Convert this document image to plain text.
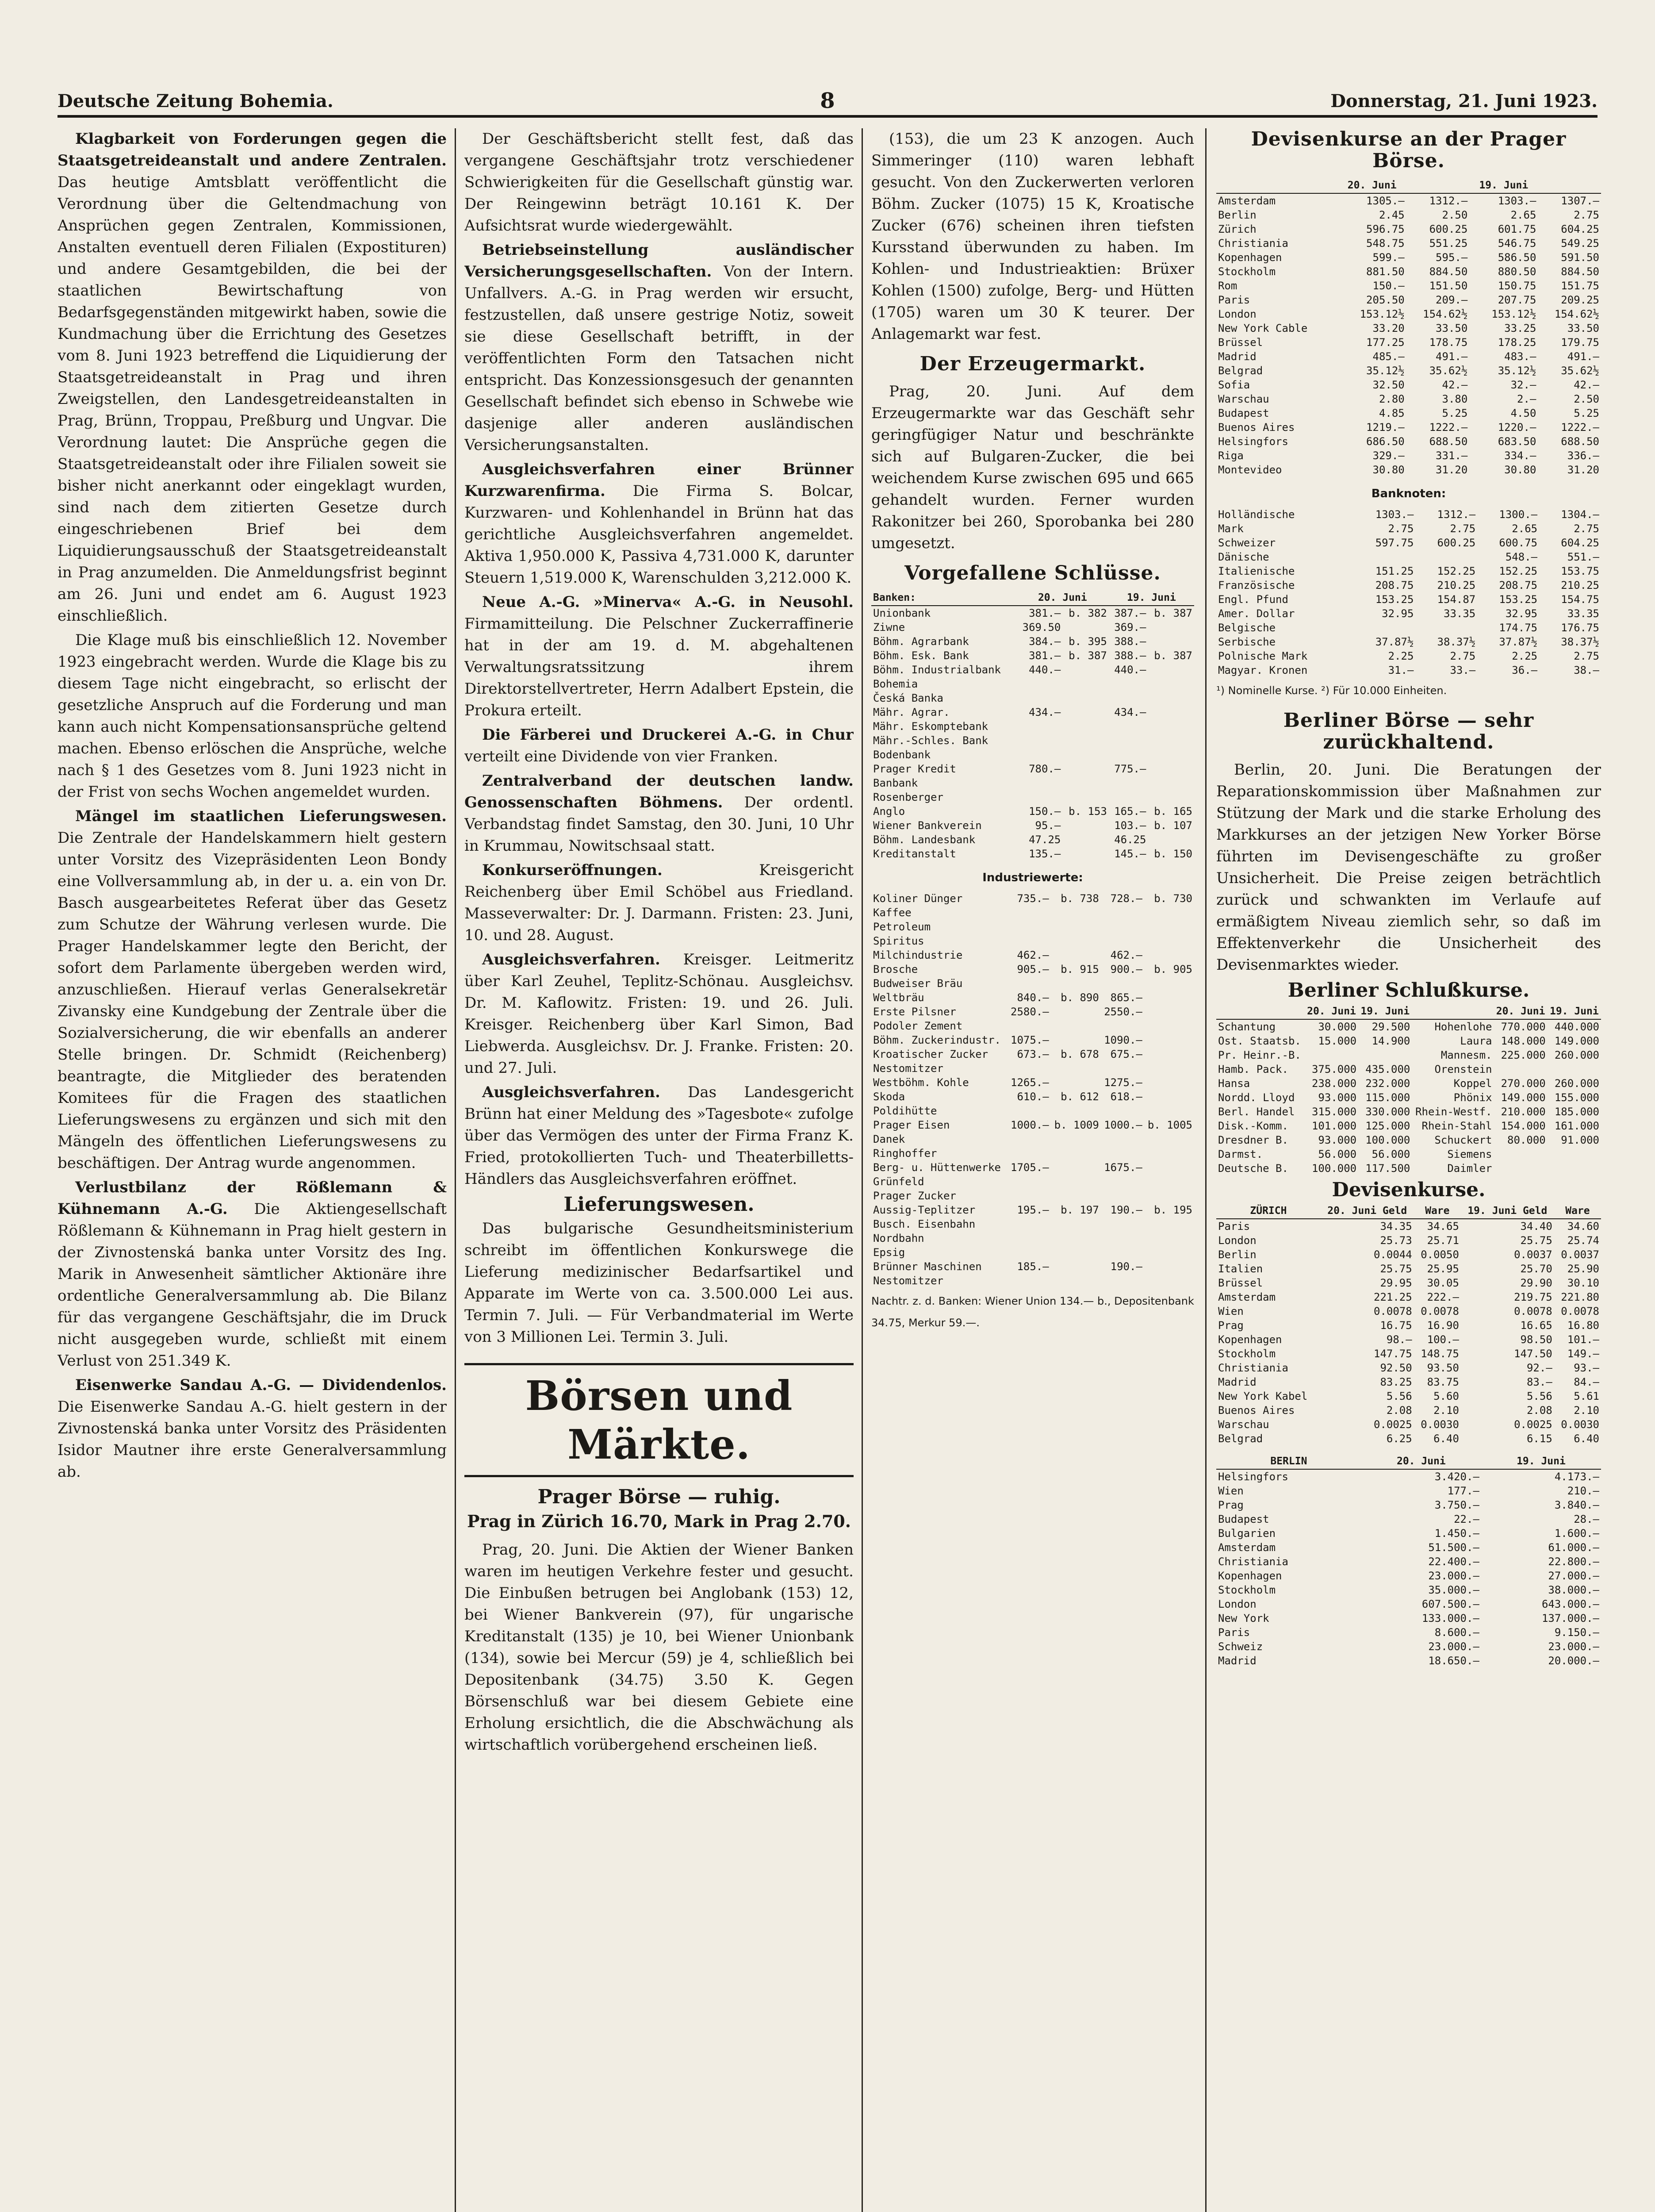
Deutsche Zeitung Bohemia.	8	Donnerstag, 21. Juni 1923.

Klagbarkeit von Forderungen gegen die Staatsgetreideanstalt und andere Zentralen. Das heutige Amtsblatt veröffentlicht die Verordnung über die Geltendmachung von Ansprüchen gegen Zentralen, Kommissionen, Anstalten eventuell deren Filialen (Expostituren) und andere Gesamtgebilden, die bei der staatlichen Bewirtschaftung von Bedarfsgegenständen mitgewirkt haben, sowie die Kundmachung über die Errichtung des Gesetzes vom 8. Juni 1923 betreffend die Liquidierung der Staatsgetreideanstalt in Prag und ihren Zweigstellen, den Landesgetreideanstalten in Prag, Brünn, Troppau, Preßburg und Ungvar. Die Verordnung lautet: Die Ansprüche gegen die Staatsgetreideanstalt oder ihre Filialen soweit sie bisher nicht anerkannt oder eingeklagt wurden, sind nach dem zitierten Gesetze durch eingeschriebenen Brief bei dem Liquidierungsausschuß der Staatsgetreideanstalt in Prag anzumelden. Die Anmeldungsfrist beginnt am 26. Juni und endet am 6. August 1923 einschließlich.

Die Klage muß bis einschließlich 12. November 1923 eingebracht werden. Wurde die Klage bis zu diesem Tage nicht eingebracht, so erlischt der gesetzliche Anspruch auf die Forderung und man kann auch nicht Kompensationsansprüche geltend machen. Ebenso erlöschen die Ansprüche, welche nach § 1 des Gesetzes vom 8. Juni 1923 nicht in der Frist von sechs Wochen angemeldet wurden.

Mängel im staatlichen Lieferungswesen. Die Zentrale der Handelskammern hielt gestern unter Vorsitz des Vizepräsidenten Leon Bondy eine Vollversammlung ab, in der u. a. ein von Dr. Basch ausgearbeitetes Referat über das Gesetz zum Schutze der Währung verlesen wurde. Die Prager Handelskammer legte den Bericht, der sofort dem Parlamente übergeben werden wird, anzuschließen. Hierauf verlas Generalsekretär Zivansky eine Kundgebung der Zentrale über die Sozialversicherung, die wir ebenfalls an anderer Stelle bringen. Dr. Schmidt (Reichenberg) beantragte, die Mitglieder des beratenden Komitees für die Fragen des staatlichen Lieferungswesens zu ergänzen und sich mit den Mängeln des öffentlichen Lieferungswesens zu beschäftigen. Der Antrag wurde angenommen.

Verlustbilanz der Rößlemann & Kühnemann A.-G. Die Aktiengesellschaft Rößlemann & Kühnemann in Prag hielt gestern in der Zivnostenská banka unter Vorsitz des Ing. Marik in Anwesenheit sämtlicher Aktionäre ihre ordentliche Generalversammlung ab. Die Bilanz für das vergangene Geschäftsjahr, die im Druck nicht ausgegeben wurde, schließt mit einem Verlust von 251.349 K.

Eisenwerke Sandau A.-G. — Dividendenlos. Die Eisenwerke Sandau A.-G. hielt gestern in der Zivnostenská banka unter Vorsitz des Präsidenten Isidor Mautner ihre erste Generalversammlung ab.

Der Geschäftsbericht stellt fest, daß das vergangene Geschäftsjahr trotz verschiedener Schwierigkeiten für die Gesellschaft günstig war. Der Reingewinn beträgt 10.161 K. Der Aufsichtsrat wurde wiedergewählt.

Betriebseinstellung ausländischer Versicherungsgesellschaften. Von der Intern. Unfallvers. A.-G. in Prag werden wir ersucht, festzustellen, daß unsere gestrige Notiz, soweit sie diese Gesellschaft betrifft, in der veröffentlichten Form den Tatsachen nicht entspricht. Das Konzessionsgesuch der genannten Gesellschaft befindet sich ebenso in Schwebe wie dasjenige aller anderen ausländischen Versicherungsanstalten.

Ausgleichsverfahren einer Brünner Kurzwarenfirma. Die Firma S. Bolcar, Kurzwaren- und Kohlenhandel in Brünn hat das gerichtliche Ausgleichsverfahren angemeldet. Aktiva 1,950.000 K, Passiva 4,731.000 K, darunter Steuern 1,519.000 K, Warenschulden 3,212.000 K.

Neue A.-G. »Minerva« A.-G. in Neusohl. Firmamitteilung. Die Pelschner Zuckerraffinerie hat in der am 19. d. M. abgehaltenen Verwaltungsratssitzung ihrem Direktorstellvertreter, Herrn Adalbert Epstein, die Prokura erteilt.

Die Färberei und Druckerei A.-G. in Chur verteilt eine Dividende von vier Franken.

Zentralverband der deutschen landw. Genossenschaften Böhmens. Der ordentl. Verbandstag findet Samstag, den 30. Juni, 10 Uhr in Krummau, Nowitschsaal statt.

Konkurseröffnungen.	Kreisgericht Reichenberg über Emil Schöbel aus Friedland. Masseverwalter: Dr. J. Darmann. Fristen: 23. Juni, 10. und 28. August.

Ausgleichsverfahren. Kreisger. Leitmeritz über Karl Zeuhel, Teplitz-Schönau. Ausgleichsv. Dr. M. Kaflowitz. Fristen: 19. und 26. Juli. Kreisger. Reichenberg über Karl Simon, Bad Liebwerda. Ausgleichsv. Dr. J. Franke. Fristen: 20. und 27. Juli.

Ausgleichsverfahren. Das Landesgericht Brünn hat einer Meldung des »Tagesbote« zufolge über das Vermögen des unter der Firma Franz K. Fried, protokollierten Tuch- und Theaterbilletts-Händlers das Ausgleichsverfahren eröffnet.

Lieferungswesen.

Das bulgarische Gesundheitsministerium schreibt im öffentlichen Konkurswege die Lieferung medizinischer Bedarfsartikel und Apparate im Werte von ca. 3.500.000 Lei aus. Termin 7. Juli. — Für Verbandmaterial im Werte von 3 Millionen Lei. Termin 3. Juli.

Börsen und Märkte.
Prager Börse — ruhig.
Prag in Zürich 16.70, Mark in Prag 2.70.

Prag, 20. Juni. Die Aktien der Wiener Banken waren im heutigen Verkehre fester und gesucht. Die Einbußen betrugen bei Anglobank (153) 12, bei Wiener Bankverein (97), für ungarische Kreditanstalt (135) je 10, bei Wiener Unionbank (134), sowie bei Mercur (59) je 4, schließlich bei Depositenbank (34.75) 3.50 K. Gegen Börsenschluß war bei diesem Gebiete eine Erholung ersichtlich, die die Abschwächung als wirtschaftlich vorübergehend erscheinen ließ.

(153), die um 23 K anzogen. Auch Simmeringer (110) waren lebhaft gesucht. Von den Zuckerwerten verloren Böhm. Zucker (1075) 15 K, Kroatische Zucker (676) scheinen ihren tiefsten Kursstand überwunden zu haben. Im Kohlen- und Industrieaktien: Brüxer Kohlen (1500) zufolge, Berg- und Hütten (1705) waren um 30 K teurer. Der Anlagemarkt war fest.

Der Erzeugermarkt.

Prag, 20. Juni. Auf dem Erzeugermarkte war das Geschäft sehr geringfügiger Natur und beschränkte sich auf Bulgaren-Zucker, die bei weichendem Kurse zwischen 695 und 665 gehandelt wurden. Ferner wurden Rakonitzer bei 260, Sporobanka bei 280 umgesetzt.

Vorgefallene Schlüsse.
Banken:	20. Juni		19. Juni	
Unionbank	381.—	b. 382	387.—	b. 387
Ziwne	369.50		369.—	
Böhm. Agrarbank	384.—	b. 395	388.—	
Böhm. Esk. Bank	381.—	b. 387	388.—	b. 387
Böhm. Industrialbank	440.—		440.—	
Bohemia				
Česká Banka				
Mähr. Agrar.	434.—		434.—	
Mähr. Eskomptebank				
Mähr.-Schles. Bank				
Bodenbank				
Prager Kredit	780.—		775.—	
Banbank				
Rosenberger				
Anglo	150.—	b. 153	165.—	b. 165
Wiener Bankverein	95.—		103.—	b. 107
Böhm. Landesbank	47.25		46.25	
Kreditanstalt	135.—		145.—	b. 150
Industriewerte:
Koliner Dünger	735.—	b. 738	728.—	b. 730
Kaffee				
Petroleum				
Spiritus				
Milchindustrie	462.—		462.—	
Brosche	905.—	b. 915	900.—	b. 905
Budweiser Bräu				
Weltbräu	840.—	b. 890	865.—	
Erste Pilsner	2580.—		2550.—	
Podoler Zement				
Böhm. Zuckerindustr.	1075.—		1090.—	
Kroatischer Zucker	673.—	b. 678	675.—	
Nestomitzer				
Westböhm. Kohle	1265.—		1275.—	
Skoda	610.—	b. 612	618.—	
Poldihütte				
Prager Eisen	1000.—	b. 1009	1000.—	b. 1005
Danek				
Ringhoffer				
Berg- u. Hüttenwerke	1705.—		1675.—	
Grünfeld				
Prager Zucker				
Aussig-Teplitzer	195.—	b. 197	190.—	b. 195
Busch. Eisenbahn				
Nordbahn				
Epsig				
Brünner Maschinen	185.—		190.—	
Nestomitzer				
Nachtr. z. d. Banken: Wiener Union 134.— b., Depositenbank 34.75, Merkur 59.—.
Devisenkurse an der Prager Börse.
	20. Juni		19. Juni	
Amsterdam	1305.—	1312.—	1303.—	1307.—
Berlin	2.45	2.50	2.65	2.75
Zürich	596.75	600.25	601.75	604.25
Christiania	548.75	551.25	546.75	549.25
Kopenhagen	599.—	595.—	586.50	591.50
Stockholm	881.50	884.50	880.50	884.50
Rom	150.—	151.50	150.75	151.75
Paris	205.50	209.—	207.75	209.25
London	153.12½	154.62½	153.12½	154.62½
New York Cable	33.20	33.50	33.25	33.50
Brüssel	177.25	178.75	178.25	179.75
Madrid	485.—	491.—	483.—	491.—
Belgrad	35.12½	35.62½	35.12½	35.62½
Sofia	32.50	42.—	32.—	42.—
Warschau	2.80	3.80	2.—	2.50
Budapest	4.85	5.25	4.50	5.25
Buenos Aires	1219.—	1222.—	1220.—	1222.—
Helsingfors	686.50	688.50	683.50	688.50
Riga	329.—	331.—	334.—	336.—
Montevideo	30.80	31.20	30.80	31.20
Banknoten:
Holländische	1303.—	1312.—	1300.—	1304.—
Mark	2.75	2.75	2.65	2.75
Schweizer	597.75	600.25	600.75	604.25
Dänische			548.—	551.—
Italienische	151.25	152.25	152.25	153.75
Französische	208.75	210.25	208.75	210.25
Engl. Pfund	153.25	154.87	153.25	154.75
Amer. Dollar	32.95	33.35	32.95	33.35
Belgische			174.75	176.75
Serbische	37.87½	38.37½	37.87½	38.37½
Polnische Mark	2.25	2.75	2.25	2.75
Magyar. Kronen	31.—	33.—	36.—	38.—
¹) Nominelle Kurse. ²) Für 10.000 Einheiten.
Berliner Börse — sehr zurückhaltend.

Berlin, 20. Juni. Die Beratungen der Reparationskommission über Maßnahmen zur Stützung der Mark und die starke Erholung des Markkurses an der jetzigen New Yorker Börse führten im Devisengeschäfte zu großer Unsicherheit. Die Preise zeigen beträchtlich zurück und schwankten im Verlaufe auf ermäßigtem Niveau ziemlich sehr, so daß im Effektenverkehr die Unsicherheit des Devisenmarktes wieder.

Berliner Schlußkurse.
	20. Juni	19. Juni		20. Juni	19. Juni
Schantung	30.000	29.500	Hohenlohe	770.000	440.000
Ost. Staatsb.	15.000	14.900	Laura	148.000	149.000
Pr. Heinr.-B.			Mannesm.	225.000	260.000
Hamb. Pack.	375.000	435.000	Orenstein		
Hansa	238.000	232.000	Koppel	270.000	260.000
Nordd. Lloyd	93.000	115.000	Phönix	149.000	155.000
Berl. Handel	315.000	330.000	Rhein-Westf.	210.000	185.000
Disk.-Komm.	101.000	125.000	Rhein-Stahl	154.000	161.000
Dresdner B.	93.000	100.000	Schuckert	80.000	91.000
Darmst.	56.000	56.000	Siemens		
Deutsche B.	100.000	117.500	Daimler		
Devisenkurse.
ZÜRICH	20. Juni Geld	Ware	19. Juni Geld	Ware
Paris	34.35	34.65	34.40	34.60
London	25.73	25.71	25.75	25.74
Berlin	0.0044	0.0050	0.0037	0.0037
Italien	25.75	25.95	25.70	25.90
Brüssel	29.95	30.05	29.90	30.10
Amsterdam	221.25	222.—	219.75	221.80
Wien	0.0078	0.0078	0.0078	0.0078
Prag	16.75	16.90	16.65	16.80
Kopenhagen	98.—	100.—	98.50	101.—
Stockholm	147.75	148.75	147.50	149.—
Christiania	92.50	93.50	92.—	93.—
Madrid	83.25	83.75	83.—	84.—
New York Kabel	5.56	5.60	5.56	5.61
Buenos Aires	2.08	2.10	2.08	2.10
Warschau	0.0025	0.0030	0.0025	0.0030
Belgrad	6.25	6.40	6.15	6.40
BERLIN	20. Juni	19. Juni
Helsingfors	3.420.—	4.173.—
Wien	177.—	210.—
Prag	3.750.—	3.840.—
Budapest	22.—	28.—
Bulgarien	1.450.—	1.600.—
Amsterdam	51.500.—	61.000.—
Christiania	22.400.—	22.800.—
Kopenhagen	23.000.—	27.000.—
Stockholm	35.000.—	38.000.—
London	607.500.—	643.000.—
New York	133.000.—	137.000.—
Paris	8.600.—	9.150.—
Schweiz	23.000.—	23.000.—
Madrid	18.650.—	20.000.—
